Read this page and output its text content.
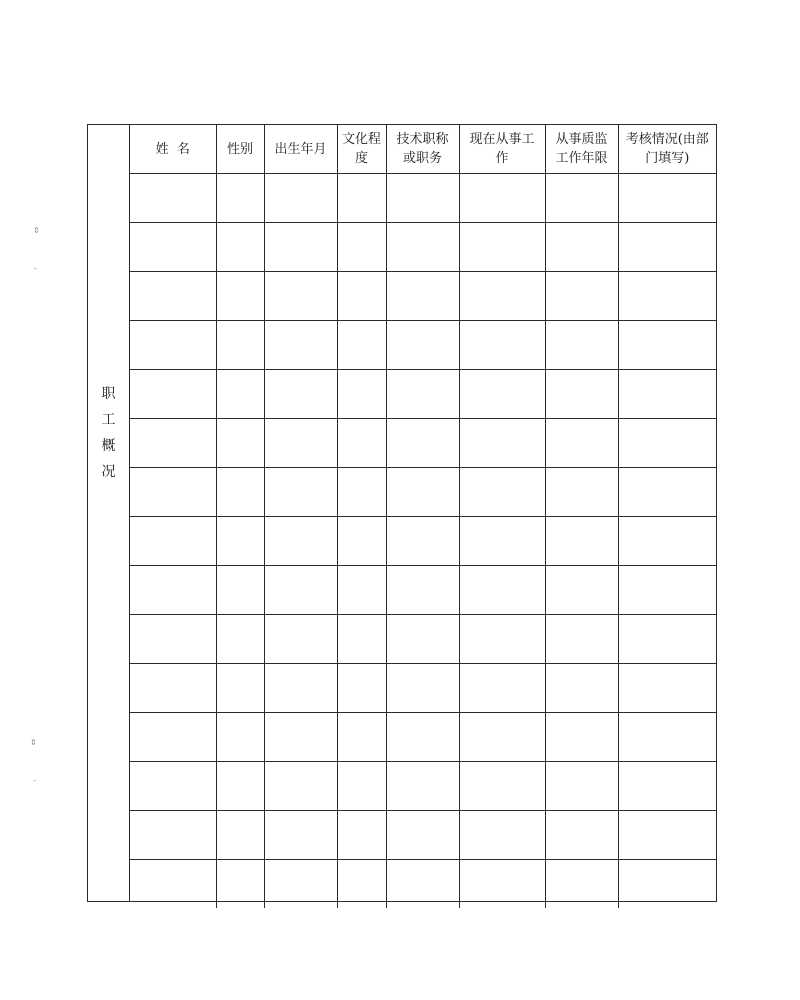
⇕
-
⇕
-
职
工
概
况
姓  名	性别	出生年月	文化程度	技术职称或职务	现在从事工作	从事质监工作年限	考核情况(由部门填写)
